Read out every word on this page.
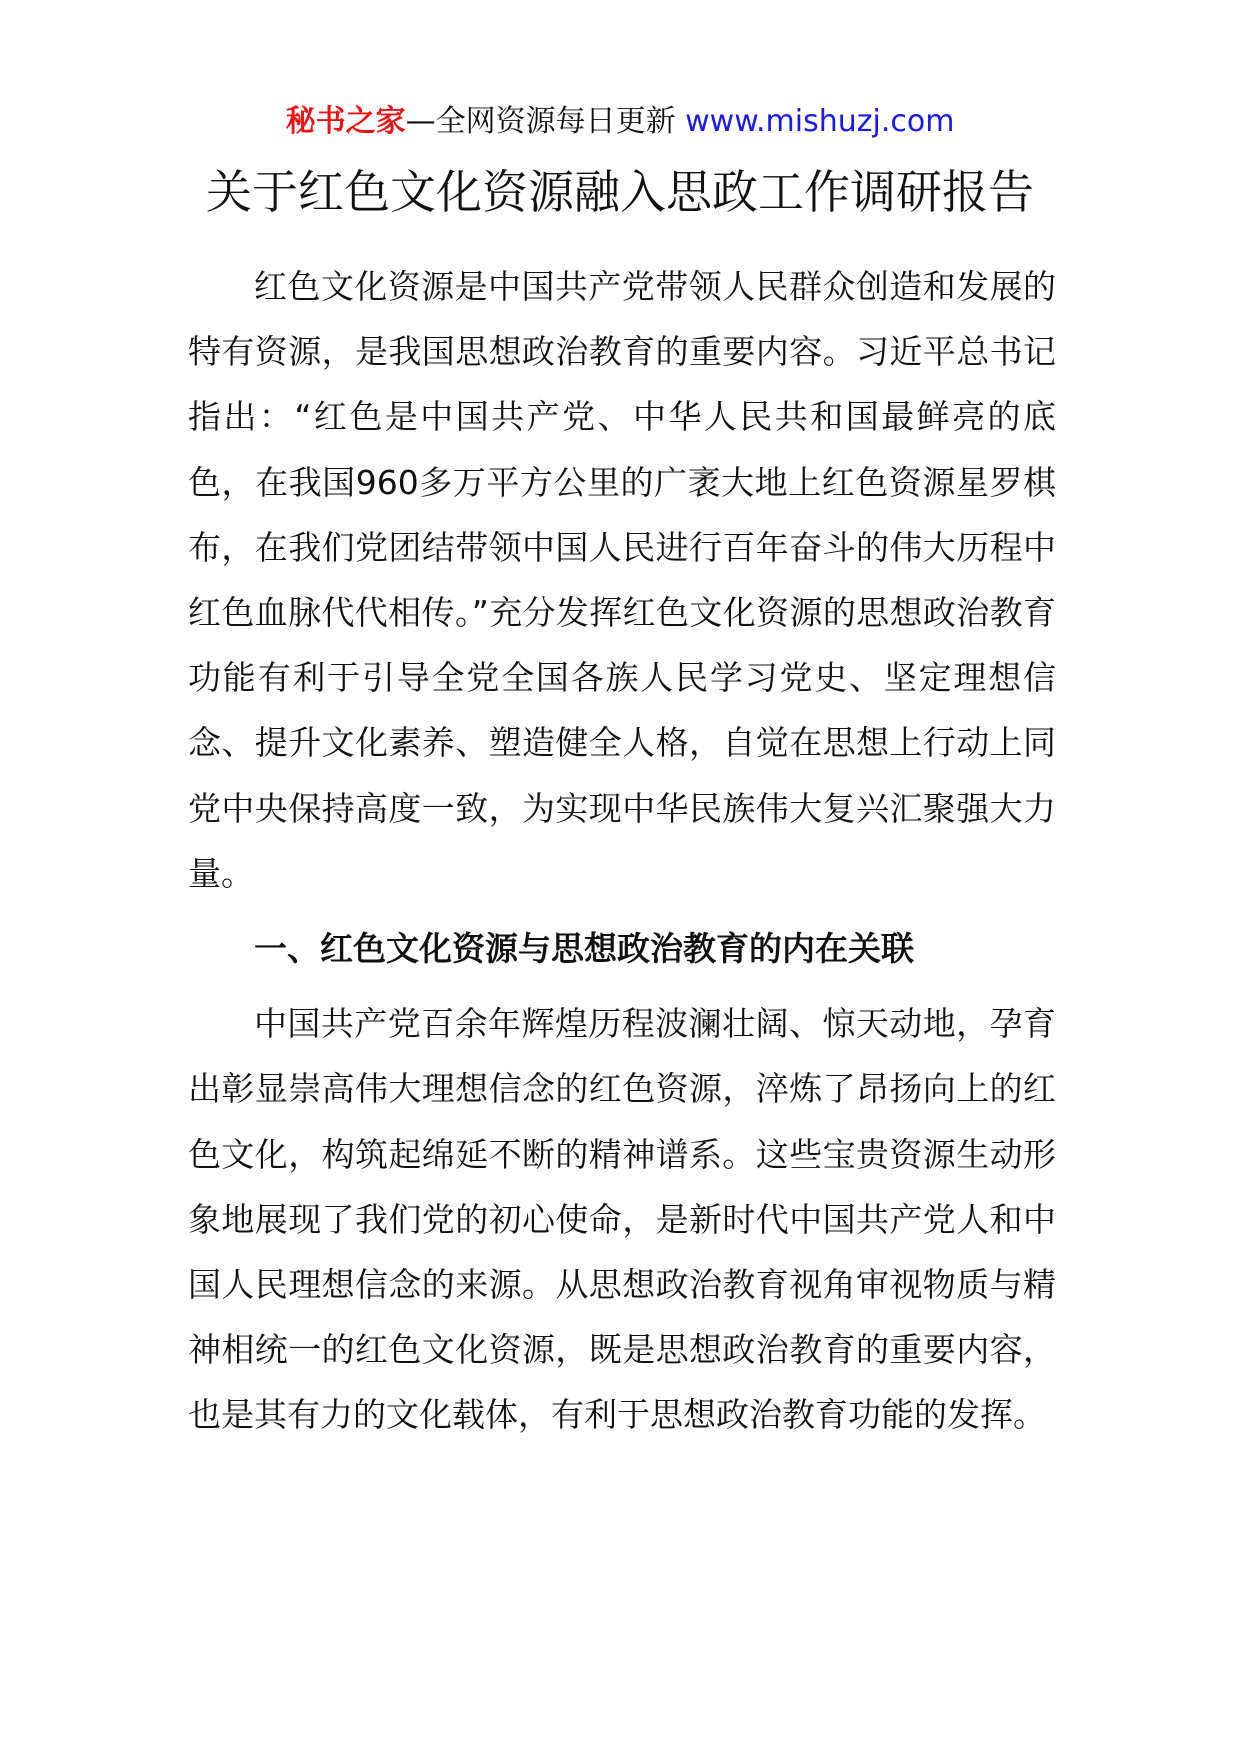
秘书之家—全网资源每日更新 www.mishuzj.com
关于红色文化资源融入思政工作调研报告

红色文化资源是中国共产党带领人民群众创造和发展的特有资源，是我国思想政治教育的重要内容。习近平总书记指出：“红色是中国共产党、中华人民共和国最鲜亮的底色，在我国960多万平方公里的广袤大地上红色资源星罗棋布，在我们党团结带领中国人民进行百年奋斗的伟大历程中红色血脉代代相传。”充分发挥红色文化资源的思想政治教育功能有利于引导全党全国各族人民学习党史、坚定理想信念、提升文化素养、塑造健全人格，自觉在思想上行动上同党中央保持高度一致，为实现中华民族伟大复兴汇聚强大力量。

一、红色文化资源与思想政治教育的内在关联

中国共产党百余年辉煌历程波澜壮阔、惊天动地，孕育出彰显崇高伟大理想信念的红色资源，淬炼了昂扬向上的红色文化，构筑起绵延不断的精神谱系。这些宝贵资源生动形象地展现了我们党的初心使命，是新时代中国共产党人和中国人民理想信念的来源。从思想政治教育视角审视物质与精神相统一的红色文化资源，既是思想政治教育的重要内容，也是其有力的文化载体，有利于思想政治教育功能的发挥。
